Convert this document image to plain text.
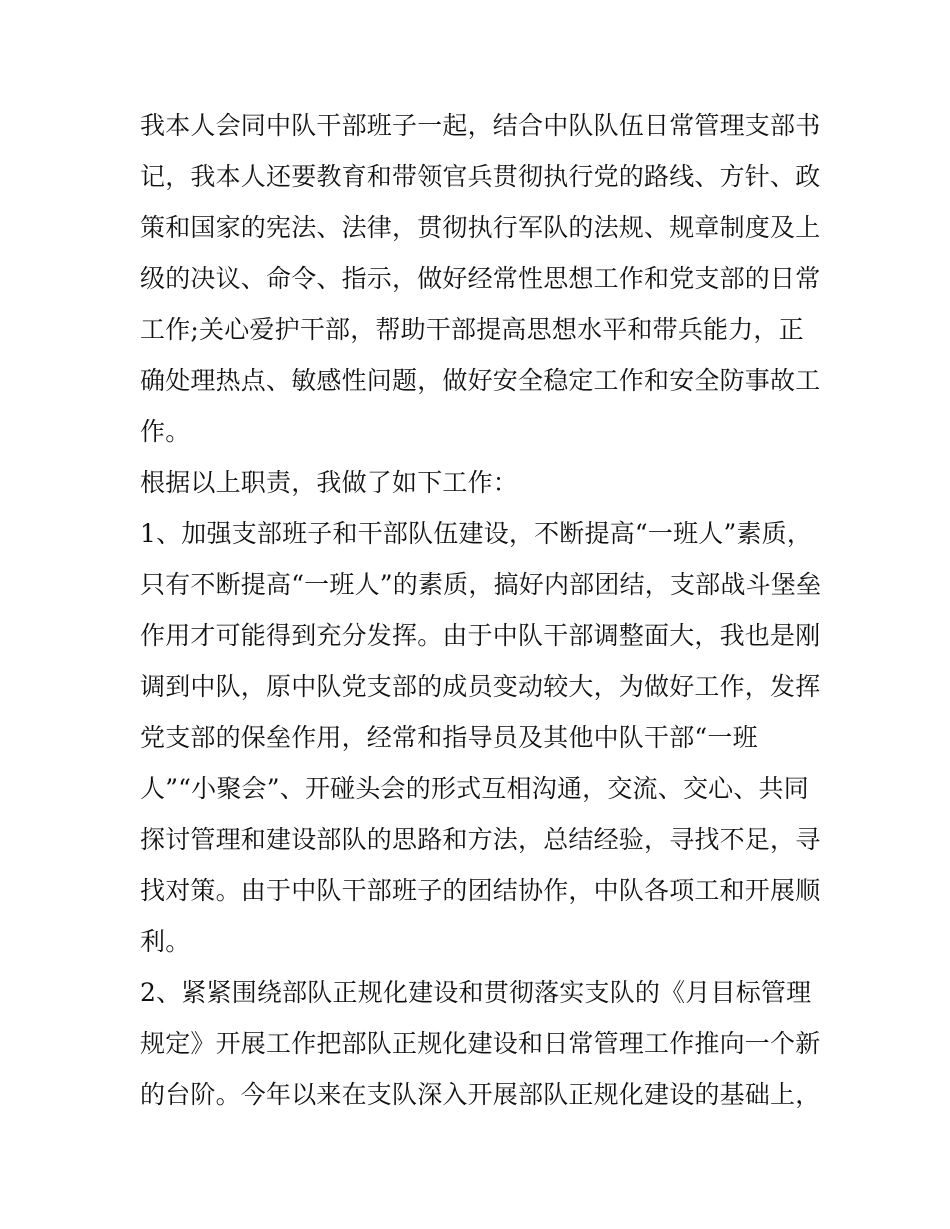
我本人会同中队干部班子一起，结合中队队伍日常管理支部书
记，我本人还要教育和带领官兵贯彻执行党的路线、方针、政
策和国家的宪法、法律，贯彻执行军队的法规、规章制度及上
级的决议、命令、指示，做好经常性思想工作和党支部的日常
工作;关心爱护干部，帮助干部提高思想水平和带兵能力，正
确处理热点、敏感性问题，做好安全稳定工作和安全防事故工
作。
根据以上职责，我做了如下工作：
1、加强支部班子和干部队伍建设，不断提高“一班人”素质，
只有不断提高“一班人”的素质，搞好内部团结，支部战斗堡垒
作用才可能得到充分发挥。由于中队干部调整面大，我也是刚
调到中队，原中队党支部的成员变动较大，为做好工作，发挥
党支部的保垒作用，经常和指导员及其他中队干部“一班
人”“小聚会”、开碰头会的形式互相沟通，交流、交心、共同
探讨管理和建设部队的思路和方法，总结经验，寻找不足，寻
找对策。由于中队干部班子的团结协作，中队各项工和开展顺
利。
2、紧紧围绕部队正规化建设和贯彻落实支队的《月目标管理
规定》开展工作把部队正规化建设和日常管理工作推向一个新
的台阶。今年以来在支队深入开展部队正规化建设的基础上，
